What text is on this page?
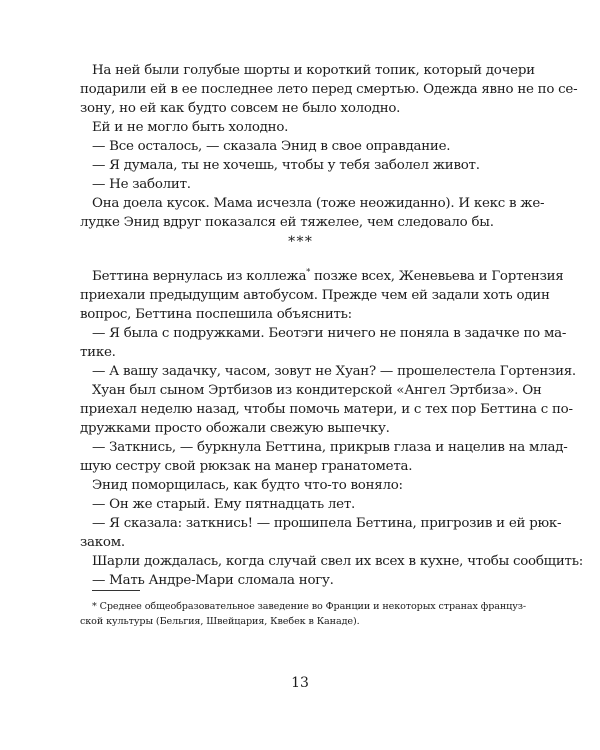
На ней были голубые шорты и короткий топик, который дочери
подарили ей в ее последнее лето перед смертью. Одежда явно не по се-
зону, но ей как будто совсем не было холодно.
Ей и не могло быть холодно.
— Все осталось, — сказала Энид в свое оправдание.
— Я думала, ты не хочешь, чтобы у тебя заболел живот.
— Не заболит.
Она доела кусок. Мама исчезла (тоже неожиданно). И кекс в же-
лудке Энид вдруг показался ей тяжелее, чем следовало бы.
* * *
Беттина вернулась из коллежа* позже всех, Женевьева и Гортензия
приехали предыдущим автобусом. Прежде чем ей задали хоть один
вопрос, Беттина поспешила объяснить:
— Я была с подружками. Беотэги ничего не поняла в задачке по ма-
тике.
— А вашу задачку, часом, зовут не Хуан? — прошелестела Гортензия.
Хуан был сыном Эртбизов из кондитерской «Ангел Эртбиза». Он
приехал неделю назад, чтобы помочь матери, и с тех пор Беттина с по-
дружками просто обожали свежую выпечку.
— Заткнись, — буркнула Беттина, прикрыв глаза и нацелив на млад-
шую сестру свой рюкзак на манер гранатомета.
Энид поморщилась, как будто что-то воняло:
— Он же старый. Ему пятнадцать лет.
— Я сказала: заткнись! — прошипела Беттина, пригрозив и ей рюк-
заком.
Шарли дождалась, когда случай свел их всех в кухне, чтобы сообщить:
— Мать Андре-Мари сломала ногу.
* Среднее общеобразовательное заведение во Франции и некоторых странах француз-
ской культуры (Бельгия, Швейцария, Квебек в Канаде).
13
